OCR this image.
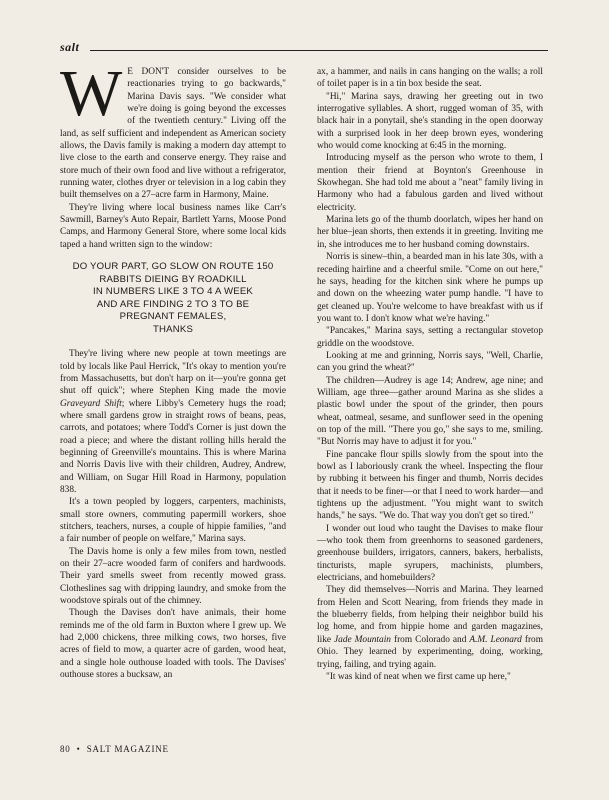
salt

W E DON'T consider ourselves to be reactionaries trying to go backwards," Marina Davis says. "We consider what we're doing is going beyond the excesses of the twentieth century." Living off the land, as self sufficient and independent as American society allows, the Davis family is making a modern day attempt to live close to the earth and conserve energy. They raise and store much of their own food and live without a refrigerator, running water, clothes dryer or television in a log cabin they built themselves on a 27–acre farm in Harmony, Maine.

They're living where local business names like Carr's Sawmill, Barney's Auto Repair, Bartlett Yarns, Moose Pond Camps, and Harmony General Store, where some local kids taped a hand written sign to the window:

DO YOUR PART, GO SLOW ON ROUTE 150
RABBITS DIEING BY ROADKILL
IN NUMBERS LIKE 3 TO 4 A WEEK
AND ARE FINDING 2 TO 3 TO BE
PREGNANT FEMALES,
THANKS

They're living where new people at town meetings are told by locals like Paul Herrick, "It's okay to mention you're from Massachusetts, but don't harp on it—you're gonna get shut off quick"; where Stephen King made the movie Graveyard Shift; where Libby's Cemetery hugs the road; where small gardens grow in straight rows of beans, peas, carrots, and potatoes; where Todd's Corner is just down the road a piece; and where the distant rolling hills herald the beginning of Greenville's mountains. This is where Marina and Norris Davis live with their children, Audrey, Andrew, and William, on Sugar Hill Road in Harmony, population 838.

It's a town peopled by loggers, carpenters, machinists, small store owners, commuting papermill workers, shoe stitchers, teachers, nurses, a couple of hippie families, "and a fair number of people on welfare," Marina says.

The Davis home is only a few miles from town, nestled on their 27–acre wooded farm of conifers and hardwoods. Their yard smells sweet from recently mowed grass. Clotheslines sag with dripping laundry, and smoke from the woodstove spirals out of the chimney.

Though the Davises don't have animals, their home reminds me of the old farm in Buxton where I grew up. We had 2,000 chickens, three milking cows, two horses, five acres of field to mow, a quarter acre of garden, wood heat, and a single hole outhouse loaded with tools. The Davises' outhouse stores a bucksaw, an

ax, a hammer, and nails in cans hanging on the walls; a roll of toilet paper is in a tin box beside the seat.

"Hi," Marina says, drawing her greeting out in two interrogative syllables. A short, rugged woman of 35, with black hair in a ponytail, she's standing in the open doorway with a surprised look in her deep brown eyes, wondering who would come knocking at 6:45 in the morning.

Introducing myself as the person who wrote to them, I mention their friend at Boynton's Greenhouse in Skowhegan. She had told me about a "neat" family living in Harmony who had a fabulous garden and lived without electricity.

Marina lets go of the thumb doorlatch, wipes her hand on her blue–jean shorts, then extends it in greeting. Inviting me in, she introduces me to her husband coming downstairs.

Norris is sinew–thin, a bearded man in his late 30s, with a receding hairline and a cheerful smile. "Come on out here," he says, heading for the kitchen sink where he pumps up and down on the wheezing water pump handle. "I have to get cleaned up. You're welcome to have breakfast with us if you want to. I don't know what we're having."

"Pancakes," Marina says, setting a rectangular stovetop griddle on the woodstove.

Looking at me and grinning, Norris says, "Well, Charlie, can you grind the wheat?"

The children—Audrey is age 14; Andrew, age nine; and William, age three—gather around Marina as she slides a plastic bowl under the spout of the grinder, then pours wheat, oatmeal, sesame, and sunflower seed in the opening on top of the mill. "There you go," she says to me, smiling. "But Norris may have to adjust it for you."

Fine pancake flour spills slowly from the spout into the bowl as I laboriously crank the wheel. Inspecting the flour by rubbing it between his finger and thumb, Norris decides that it needs to be finer—or that I need to work harder—and tightens up the adjustment. "You might want to switch hands," he says. "We do. That way you don't get so tired."

I wonder out loud who taught the Davises to make flour—who took them from greenhorns to seasoned gardeners, greenhouse builders, irrigators, canners, bakers, herbalists, tincturists, maple syrupers, machinists, plumbers, electricians, and homebuilders?

They did themselves—Norris and Marina. They learned from Helen and Scott Nearing, from friends they made in the blueberry fields, from helping their neighbor build his log home, and from hippie home and garden magazines, like Jade Mountain from Colorado and A.M. Leonard from Ohio. They learned by experimenting, doing, working, trying, failing, and trying again.

"It was kind of neat when we first came up here,"

80 • SALT MAGAZINE
